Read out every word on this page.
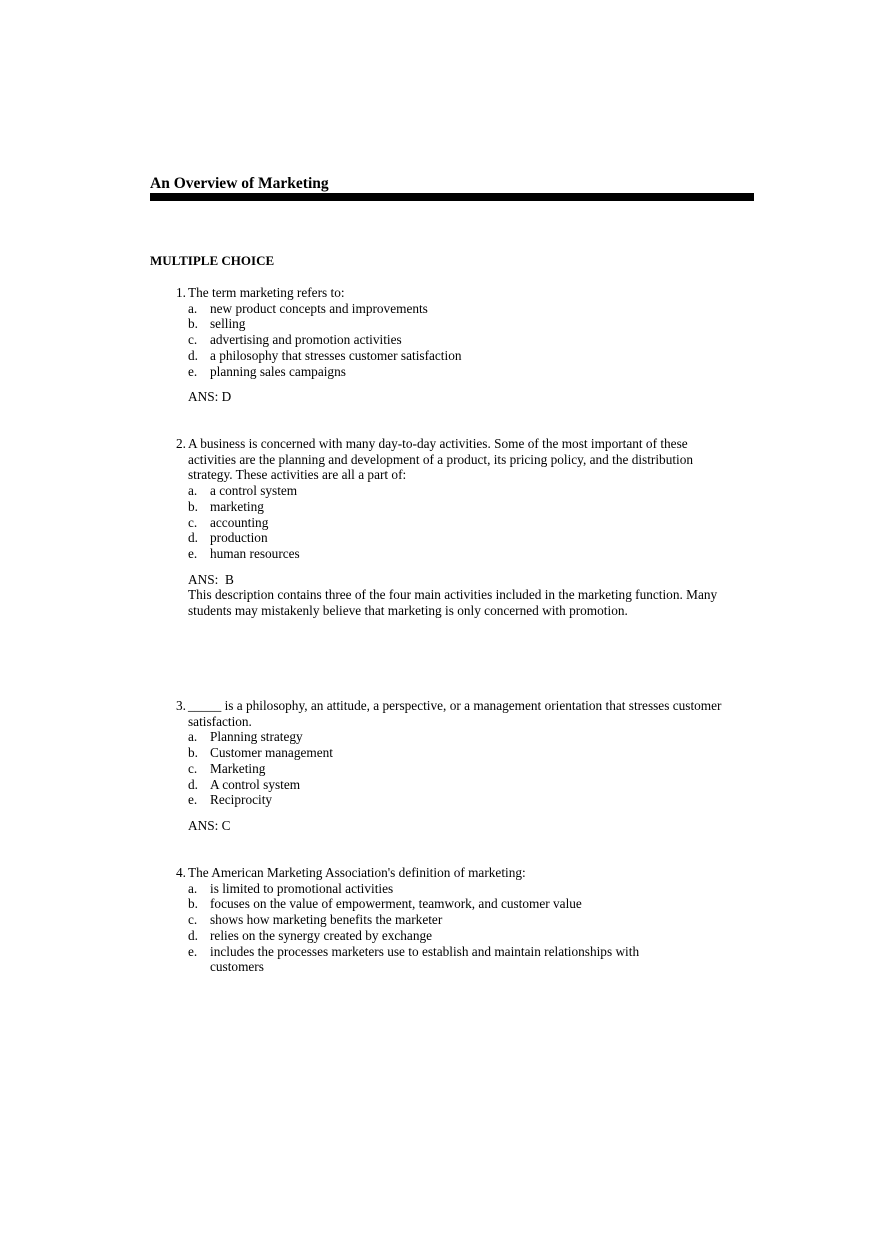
An Overview of Marketing
MULTIPLE CHOICE
1. The term marketing refers to:
a. new product concepts and improvements
b. selling
c. advertising and promotion activities
d. a philosophy that stresses customer satisfaction
e. planning sales campaigns
ANS: D
2. A business is concerned with many day-to-day activities. Some of the most important of these
activities are the planning and development of a product, its pricing policy, and the distribution
strategy. These activities are all a part of:
a. a control system
b. marketing
c. accounting
d. production
e. human resources
ANS:  B
This description contains three of the four main activities included in the marketing function. Many
students may mistakenly believe that marketing is only concerned with promotion.
3. _____ is a philosophy, an attitude, a perspective, or a management orientation that stresses customer
satisfaction.
a. Planning strategy
b. Customer management
c. Marketing
d. A control system
e. Reciprocity
ANS: C
4. The American Marketing Association's definition of marketing:
a. is limited to promotional activities
b. focuses on the value of empowerment, teamwork, and customer value
c. shows how marketing benefits the marketer
d. relies on the synergy created by exchange
e. includes the processes marketers use to establish and maintain relationships with
customers
